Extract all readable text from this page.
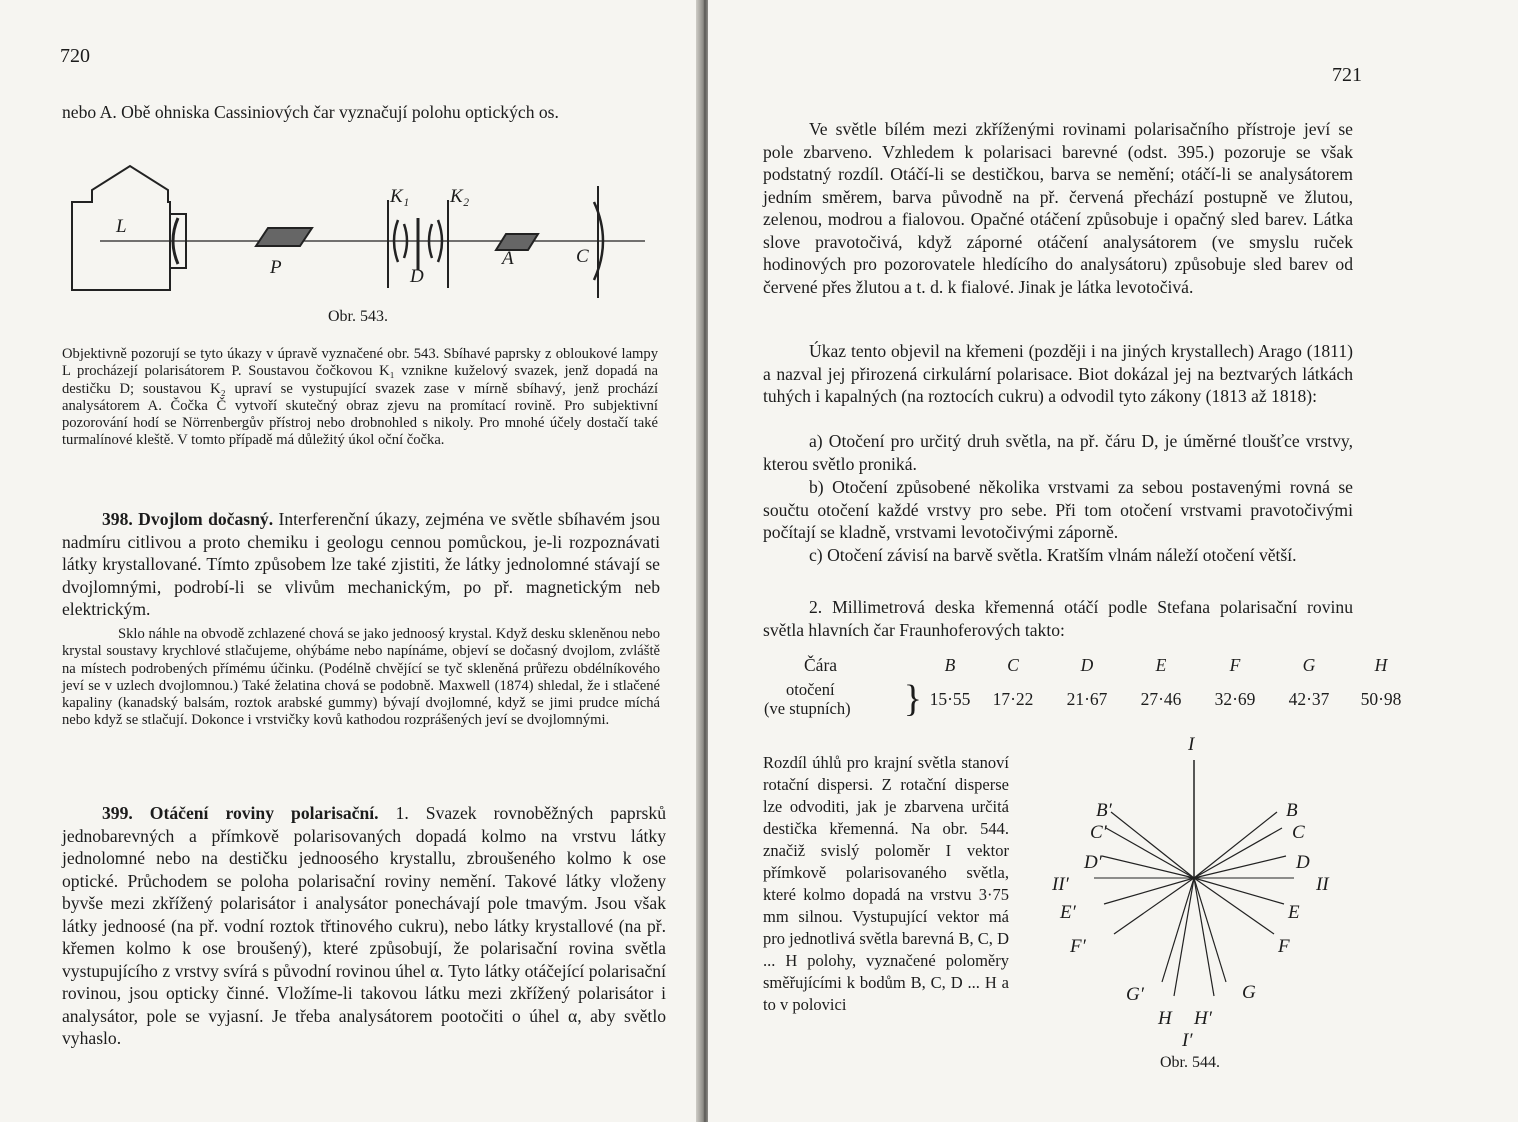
720

nebo A. Obě ohniska Cassiniových čar vyznačují polohu optických os.

L
P
K₁ K₂
D
A	C
Obr. 543.

Objektivně pozorují se tyto úkazy v úpravě vyznačené obr. 543. Sbíhavé paprsky z obloukové lampy L procházejí polarisátorem P. Soustavou čočkovou K₁ vznikne kuželový svazek, jenž dopadá na destičku D; soustavou K₂ upraví se vystupující svazek zase v mírně sbíhavý, jenž prochází analysátorem A. Čočka Č vytvoří skutečný obraz zjevu na promítací rovině. Pro subjektivní pozorování hodí se Nörrenbergův přístroj nebo drobnohled s nikoly. Pro mnohé účely dostačí také turmalínové kleště. V tomto případě má důležitý úkol oční čočka.

398. Dvojlom dočasný. Interferenční úkazy, zejména ve světle sbíhavém jsou nadmíru citlivou a proto chemiku i geologu cennou pomůckou, je-li rozpoznávati látky krystallované. Tímto způsobem lze také zjistiti, že látky jednolomné stávají se dvojlomnými, podrobí-li se vlivům mechanickým, po př. magnetickým neb elektrickým.

Sklo náhle na obvodě zchlazené chová se jako jednoosý krystal. Když desku skleněnou nebo krystal soustavy krychlové stlačujeme, ohýbáme nebo napínáme, objeví se dočasný dvojlom, zvláště na místech podrobených přímému účinku. (Podélně chvějící se tyč skleněná průřezu obdélníkového jeví se v uzlech dvojlomnou.) Také želatina chová se podobně. Maxwell (1874) shledal, že i stlačené kapaliny (kanadský balsám, roztok arabské gummy) bývají dvojlomné, když se jimi prudce míchá nebo když se stlačují. Dokonce i vrstvičky kovů kathodou rozprášených jeví se dvojlomnými.

399. Otáčení roviny polarisační. 1. Svazek rovnoběžných paprsků jednobarevných a přímkově polarisovaných dopadá kolmo na vrstvu látky jednolomné nebo na destičku jednoosého krystallu, zbroušeného kolmo k ose optické. Průchodem se poloha polarisační roviny nemění. Takové látky vloženy byvše mezi zkřížený polarisátor i analysátor ponechávají pole tmavým. Jsou však látky jednoosé (na př. vodní roztok třtinového cukru), nebo látky krystallové (na př. křemen kolmo k ose broušený), které způsobují, že polarisační rovina světla vystupujícího z vrstvy svírá s původní rovinou úhel α. Tyto látky otáčející polarisační rovinou, jsou opticky činné. Vložíme-li takovou látku mezi zkřížený polarisátor i analysátor, pole se vyjasní. Je třeba analysátorem pootočiti o úhel α, aby světlo vyhaslo.

721

Ve světle bílém mezi zkříženými rovinami polarisačního přístroje jeví se pole zbarveno. Vzhledem k polarisaci barevné (odst. 395.) pozoruje se však podstatný rozdíl. Otáčí-li se destičkou, barva se nemění; otáčí-li se analysátorem jedním směrem, barva původně na př. červená přechází postupně ve žlutou, zelenou, modrou a fialovou. Opačné otáčení způsobuje i opačný sled barev. Látka slove pravotočivá, když záporné otáčení analysátorem (ve smyslu ruček hodinových pro pozorovatele hledícího do analysátoru) způsobuje sled barev od červené přes žlutou a t. d. k fialové. Jinak je látka levotočivá.

Úkaz tento objevil na křemeni (později i na jiných krystallech) Arago (1811) a nazval jej přirozená cirkulární polarisace. Biot dokázal jej na beztvarých látkách tuhých i kapalných (na roztocích cukru) a odvodil tyto zákony (1813 až 1818):

a) Otočení pro určitý druh světla, na př. čáru D, je úměrné tloušťce vrstvy, kterou světlo proniká.

b) Otočení způsobené několika vrstvami za sebou postavenými rovná se součtu otočení každé vrstvy pro sebe. Při tom otočení vrstvami pravotočivými počítají se kladně, vrstvami levotočivými záporně.

c) Otočení závisí na barvě světla. Kratším vlnám náleží otočení větší.

2. Millimetrová deska křemenná otáčí podle Stefana polarisační rovinu světla hlavních čar Fraunhoferových takto:

Čára	B	C	D	E	F	G	H

otočení
(ve stupních) }	15·55	17·22	21·67	27·46	32·69	42·37	50·98

Rozdíl úhlů pro krajní světla stanoví rotační dispersi. Z rotační disperse lze odvoditi, jak je zbarvena určitá destička křemenná. Na obr. 544. značiž svislý poloměr I vektor přímkově polarisovaného světla, které kolmo dopadá na vrstvu 3·75 mm silnou. Vystupující vektor má pro jednotlivá světla barevná B, C, D ... H polohy, vyznačené poloměry směřujícími k bodům B, C, D ... H a to v polovici

I
B
B′
C
C′
D
D′
II
II′
E
E′
F
F′
G
G′
H H′
I′
Obr. 544.
